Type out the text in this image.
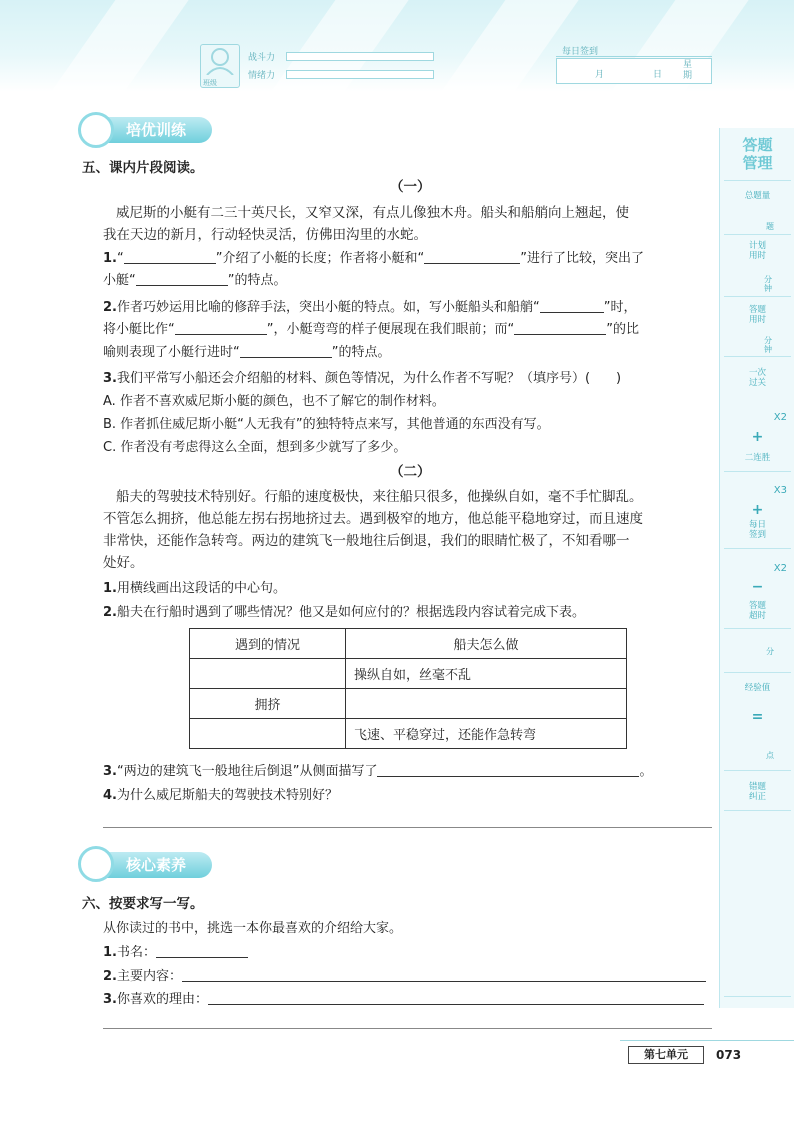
班级
战斗力
情绪力
每日签到
月	日
星
期
培优训练
五、课内片段阅读。
（一）
威尼斯的小艇有二三十英尺长，又窄又深，有点儿像独木舟。船头和船艄向上翘起，使
我在天边的新月，行动轻快灵活，仿佛田沟里的水蛇。
1.“	”介绍了小艇的长度；作者将小艇和“	”进行了比较，突出了
小艇“	”的特点。
2.作者巧妙运用比喻的修辞手法，突出小艇的特点。如，写小艇船头和船艄“	”时，
将小艇比作“	”，小艇弯弯的样子便展现在我们眼前；而“	”的比
喻则表现了小艇行进时“	”的特点。
3.我们平常写小船还会介绍船的材料、颜色等情况，为什么作者不写呢？（填序号）(　　)
A. 作者不喜欢威尼斯小艇的颜色，也不了解它的制作材料。
B. 作者抓住威尼斯小艇“人无我有”的独特特点来写，其他普通的东西没有写。
C. 作者没有考虑得这么全面，想到多少就写了多少。
（二）
船夫的驾驶技术特别好。行船的速度极快，来往船只很多，他操纵自如，毫不手忙脚乱。
不管怎么拥挤，他总能左拐右拐地挤过去。遇到极窄的地方，他总能平稳地穿过，而且速度
非常快，还能作急转弯。两边的建筑飞一般地往后倒退，我们的眼睛忙极了，不知看哪一
处好。
1.用横线画出这段话的中心句。
2.船夫在行船时遇到了哪些情况？他又是如何应付的？根据选段内容试着完成下表。
遇到的情况	船夫怎么做
	操纵自如，丝毫不乱
拥挤	
	飞速、平稳穿过，还能作急转弯
3.“两边的建筑飞一般地往后倒退”从侧面描写了	。
4.为什么威尼斯船夫的驾驶技术特别好？
核心素养
六、按要求写一写。
从你读过的书中，挑选一本你最喜欢的介绍给大家。
1.书名：
2.主要内容：
3.你喜欢的理由：
答题
管理
总题量
题
计划
用时
分钟
答题
用时
分钟
一次
过关
X2
+
二连胜
X3
+
每日
签到
X2
−
答题
超时
分
经验值
=
点
错题
纠正
第七单元	073
